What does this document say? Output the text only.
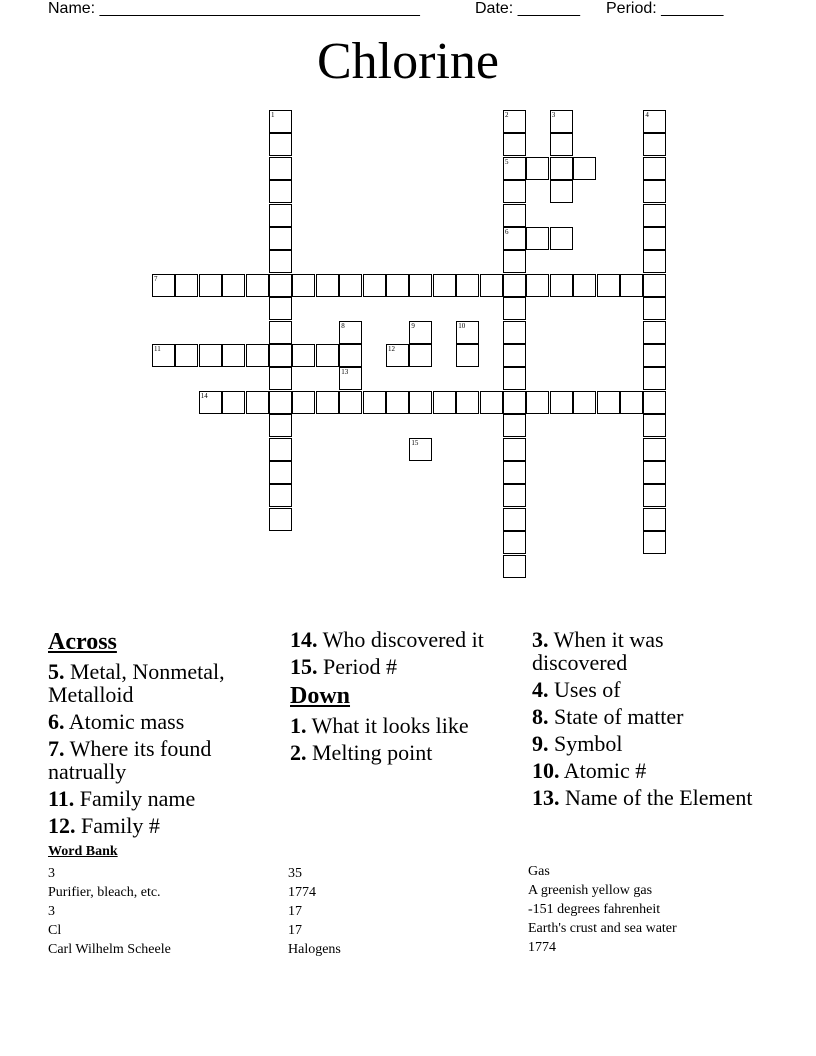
Name: ____________________________________	Date: _______ Period: _______
Chlorine
1	2
5
6
3	4
7
8
13
9	10
11	12
14
15
Across
5. Metal, Nonmetal, Metalloid
6. Atomic mass
7. Where its found natrually
11. Family name
12. Family #
14. Who discovered it
15. Period #
Down
1. What it looks like
2. Melting point
3. When it was discovered
4. Uses of
8. State of matter
9. Symbol
10. Atomic #
13. Name of the Element
Word Bank
3
Purifier, bleach, etc.
3
Cl
Carl Wilhelm Scheele
35
1774
17
17
Halogens
Gas
A greenish yellow gas
-151 degrees fahrenheit
Earth's crust and sea water
1774
